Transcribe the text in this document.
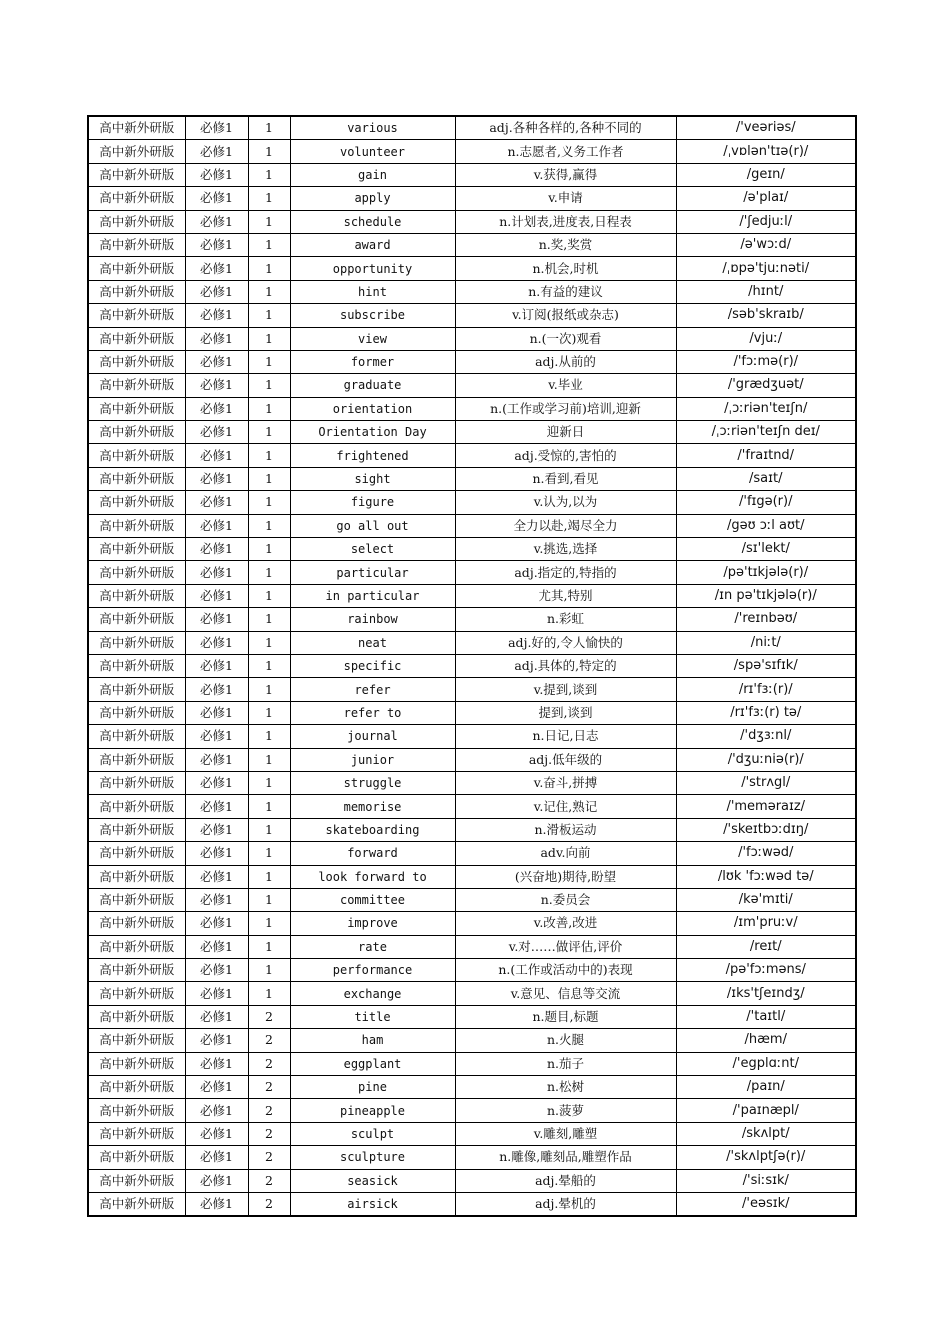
高中新外研版	必修1	1	various	adj.各种各样的,各种不同的	/'veəriəs/
高中新外研版	必修1	1	volunteer	n.志愿者,义务工作者	/ˌvɒlən'tɪə(r)/
高中新外研版	必修1	1	gain	v.获得,赢得	/geɪn/
高中新外研版	必修1	1	apply	v.申请	/ə'plaɪ/
高中新外研版	必修1	1	schedule	n.计划表,进度表,日程表	/'ʃedjuːl/
高中新外研版	必修1	1	award	n.奖,奖赏	/ə'wɔːd/
高中新外研版	必修1	1	opportunity	n.机会,时机	/ˌɒpə'tjuːnəti/
高中新外研版	必修1	1	hint	n.有益的建议	/hɪnt/
高中新外研版	必修1	1	subscribe	v.订阅(报纸或杂志)	/səb'skraɪb/
高中新外研版	必修1	1	view	n.(一次)观看	/vjuː/
高中新外研版	必修1	1	former	adj.从前的	/'fɔːmə(r)/
高中新外研版	必修1	1	graduate	v.毕业	/'grædʒuət/
高中新外研版	必修1	1	orientation	n.(工作或学习前)培训,迎新	/ˌɔːriən'teɪʃn/
高中新外研版	必修1	1	Orientation Day	迎新日	/ˌɔːriən'teɪʃn deɪ/
高中新外研版	必修1	1	frightened	adj.受惊的,害怕的	/'fraɪtnd/
高中新外研版	必修1	1	sight	n.看到,看见	/saɪt/
高中新外研版	必修1	1	figure	v.认为,以为	/'fɪgə(r)/
高中新外研版	必修1	1	go all out	全力以赴,竭尽全力	/gəʊ ɔːl aʊt/
高中新外研版	必修1	1	select	v.挑选,选择	/sɪ'lekt/
高中新外研版	必修1	1	particular	adj.指定的,特指的	/pə'tɪkjələ(r)/
高中新外研版	必修1	1	in particular	尤其,特别	/ɪn pə'tɪkjələ(r)/
高中新外研版	必修1	1	rainbow	n.彩虹	/'reɪnbəʊ/
高中新外研版	必修1	1	neat	adj.好的,令人愉快的	/niːt/
高中新外研版	必修1	1	specific	adj.具体的,特定的	/spə'sɪfɪk/
高中新外研版	必修1	1	refer	v.提到,谈到	/rɪ'fɜː(r)/
高中新外研版	必修1	1	refer to	提到,谈到	/rɪ'fɜː(r) tə/
高中新外研版	必修1	1	journal	n.日记,日志	/'dʒɜːnl/
高中新外研版	必修1	1	junior	adj.低年级的	/'dʒuːniə(r)/
高中新外研版	必修1	1	struggle	v.奋斗,拼搏	/'strʌgl/
高中新外研版	必修1	1	memorise	v.记住,熟记	/'meməraɪz/
高中新外研版	必修1	1	skateboarding	n.滑板运动	/'skeɪtbɔːdɪŋ/
高中新外研版	必修1	1	forward	adv.向前	/'fɔːwəd/
高中新外研版	必修1	1	look forward to	(兴奋地)期待,盼望	/lʊk 'fɔːwəd tə/
高中新外研版	必修1	1	committee	n.委员会	/kə'mɪti/
高中新外研版	必修1	1	improve	v.改善,改进	/ɪm'pruːv/
高中新外研版	必修1	1	rate	v.对……做评估,评价	/reɪt/
高中新外研版	必修1	1	performance	n.(工作或活动中的)表现	/pə'fɔːməns/
高中新外研版	必修1	1	exchange	v.意见、信息等交流	/ɪks'tʃeɪndʒ/
高中新外研版	必修1	2	title	n.题目,标题	/'taɪtl/
高中新外研版	必修1	2	ham	n.火腿	/hæm/
高中新外研版	必修1	2	eggplant	n.茄子	/'egplɑːnt/
高中新外研版	必修1	2	pine	n.松树	/paɪn/
高中新外研版	必修1	2	pineapple	n.菠萝	/'paɪnæpl/
高中新外研版	必修1	2	sculpt	v.雕刻,雕塑	/skʌlpt/
高中新外研版	必修1	2	sculpture	n.雕像,雕刻品,雕塑作品	/'skʌlptʃə(r)/
高中新外研版	必修1	2	seasick	adj.晕船的	/'siːsɪk/
高中新外研版	必修1	2	airsick	adj.晕机的	/'eəsɪk/
